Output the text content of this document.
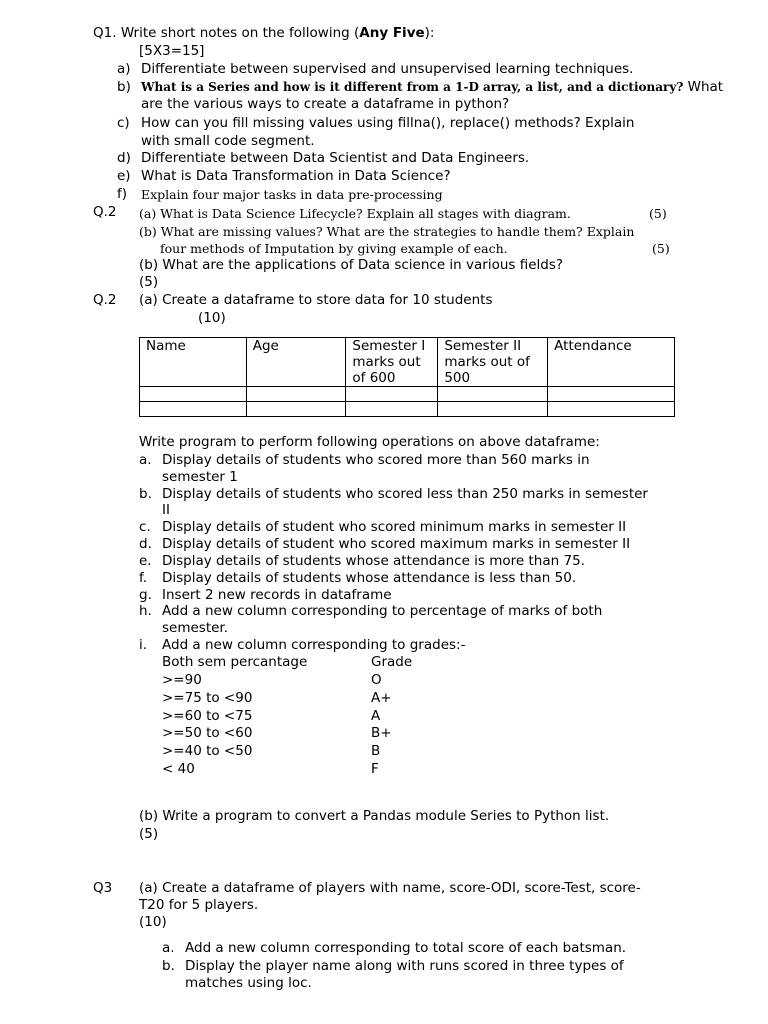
Q1. Write short notes on the following (Any Five):
[5X3=15]
a) Differentiate between supervised and unsupervised learning techniques.
b) What is a Series and how is it different from a 1-D array, a list, and a dictionary? What
are the various ways to create a dataframe in python?
c) How can you fill missing values using fillna(), replace() methods? Explain
with small code segment.
d) Differentiate between Data Scientist and Data Engineers.
e) What is Data Transformation in Data Science?
f) Explain four major tasks in data pre-processing
Q.2 (a) What is Data Science Lifecycle? Explain all stages with diagram.	(5)
(b) What are missing values? What are the strategies to handle them? Explain
four methods of Imputation by giving example of each.	(5)
(b) What are the applications of Data science in various fields?
(5)
Q.2 (a) Create a dataframe to store data for 10 students
(10)
Name	Age	Semester I
marks out
of 600	Semester II
marks out of
500	Attendance

Write program to perform following operations on above dataframe:
a. Display details of students who scored more than 560 marks in
semester 1
b. Display details of students who scored less than 250 marks in semester
II
c. Display details of student who scored minimum marks in semester II
d. Display details of student who scored maximum marks in semester II
e. Display details of students whose attendance is more than 75.
f. Display details of students whose attendance is less than 50.
g. Insert 2 new records in dataframe
h. Add a new column corresponding to percentage of marks of both
semester.
i. Add a new column corresponding to grades:-
Both sem percantage	Grade
>=90	O
>=75 to <90	A+
>=60 to <75	A
>=50 to <60	B+
>=40 to <50	B
< 40	F
(b) Write a program to convert a Pandas module Series to Python list.
(5)
Q3 (a) Create a dataframe of players with name, score-ODI, score-Test, score-
T20 for 5 players.
(10)
a. Add a new column corresponding to total score of each batsman.
b. Display the player name along with runs scored in three types of
matches using loc.
